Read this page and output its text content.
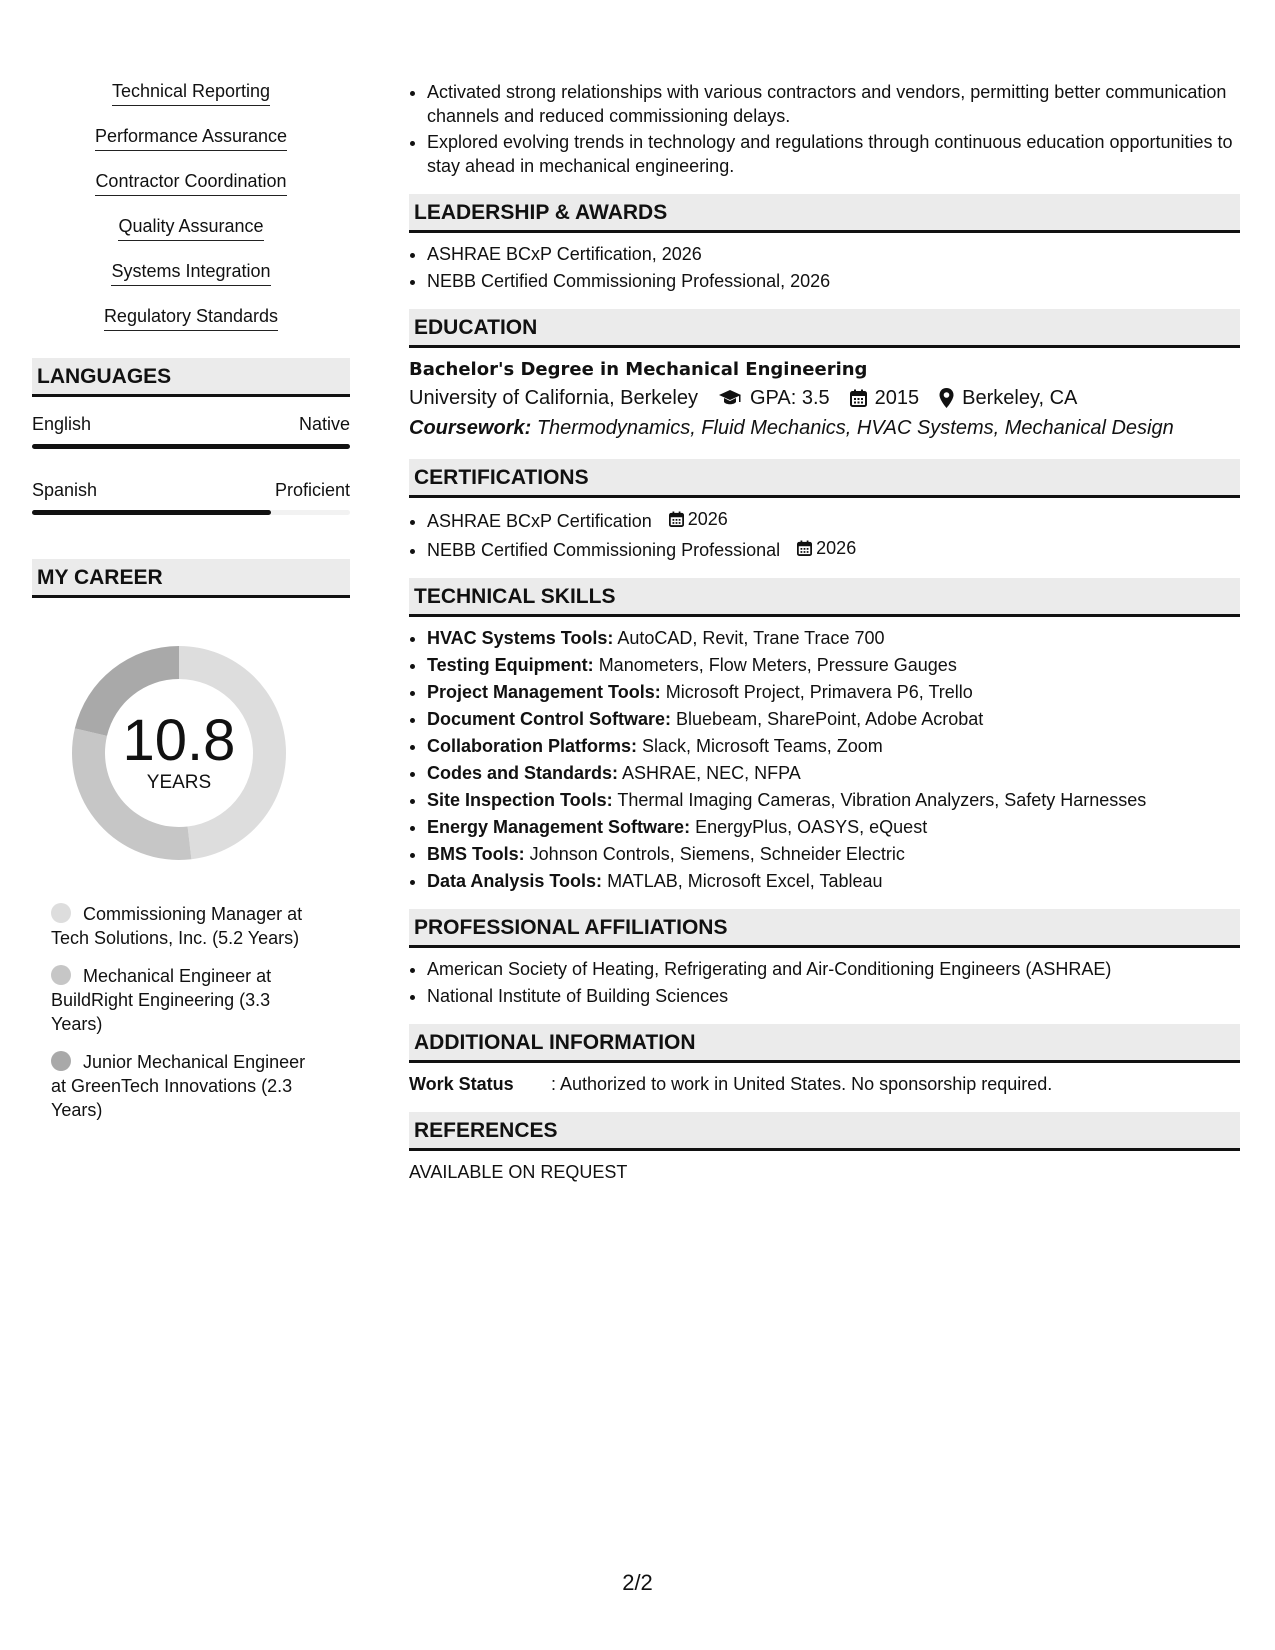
Technical Reporting
Performance Assurance
Contractor Coordination
Quality Assurance
Systems Integration
Regulatory Standards
LANGUAGES
English	Native
Spanish	Proficient
MY CAREER
10.8
YEARS
Commissioning Manager at Tech Solutions, Inc. (5.2 Years)
Mechanical Engineer at BuildRight Engineering (3.3 Years)
Junior Mechanical Engineer at GreenTech Innovations (2.3 Years)
• Activated strong relationships with various contractors and vendors, permitting better communication channels and reduced commissioning delays.
• Explored evolving trends in technology and regulations through continuous education opportunities to stay ahead in mechanical engineering.
LEADERSHIP & AWARDS
• ASHRAE BCxP Certification, 2026
• NEBB Certified Commissioning Professional, 2026
EDUCATION
Bachelor's Degree in Mechanical Engineering
University of California, Berkeley	GPA: 3.5 2015 Berkeley, CA
Coursework: Thermodynamics, Fluid Mechanics, HVAC Systems, Mechanical Design
CERTIFICATIONS
• ASHRAE BCxP Certification 2026
• NEBB Certified Commissioning Professional 2026
TECHNICAL SKILLS
• HVAC Systems Tools: AutoCAD, Revit, Trane Trace 700
• Testing Equipment: Manometers, Flow Meters, Pressure Gauges
• Project Management Tools: Microsoft Project, Primavera P6, Trello
• Document Control Software: Bluebeam, SharePoint, Adobe Acrobat
• Collaboration Platforms: Slack, Microsoft Teams, Zoom
• Codes and Standards: ASHRAE, NEC, NFPA
• Site Inspection Tools: Thermal Imaging Cameras, Vibration Analyzers, Safety Harnesses
• Energy Management Software: EnergyPlus, OASYS, eQuest
• BMS Tools: Johnson Controls, Siemens, Schneider Electric
• Data Analysis Tools: MATLAB, Microsoft Excel, Tableau
PROFESSIONAL AFFILIATIONS
• American Society of Heating, Refrigerating and Air-Conditioning Engineers (ASHRAE)
• National Institute of Building Sciences
ADDITIONAL INFORMATION
Work Status	: Authorized to work in United States. No sponsorship required.
REFERENCES
AVAILABLE ON REQUEST
2/2
